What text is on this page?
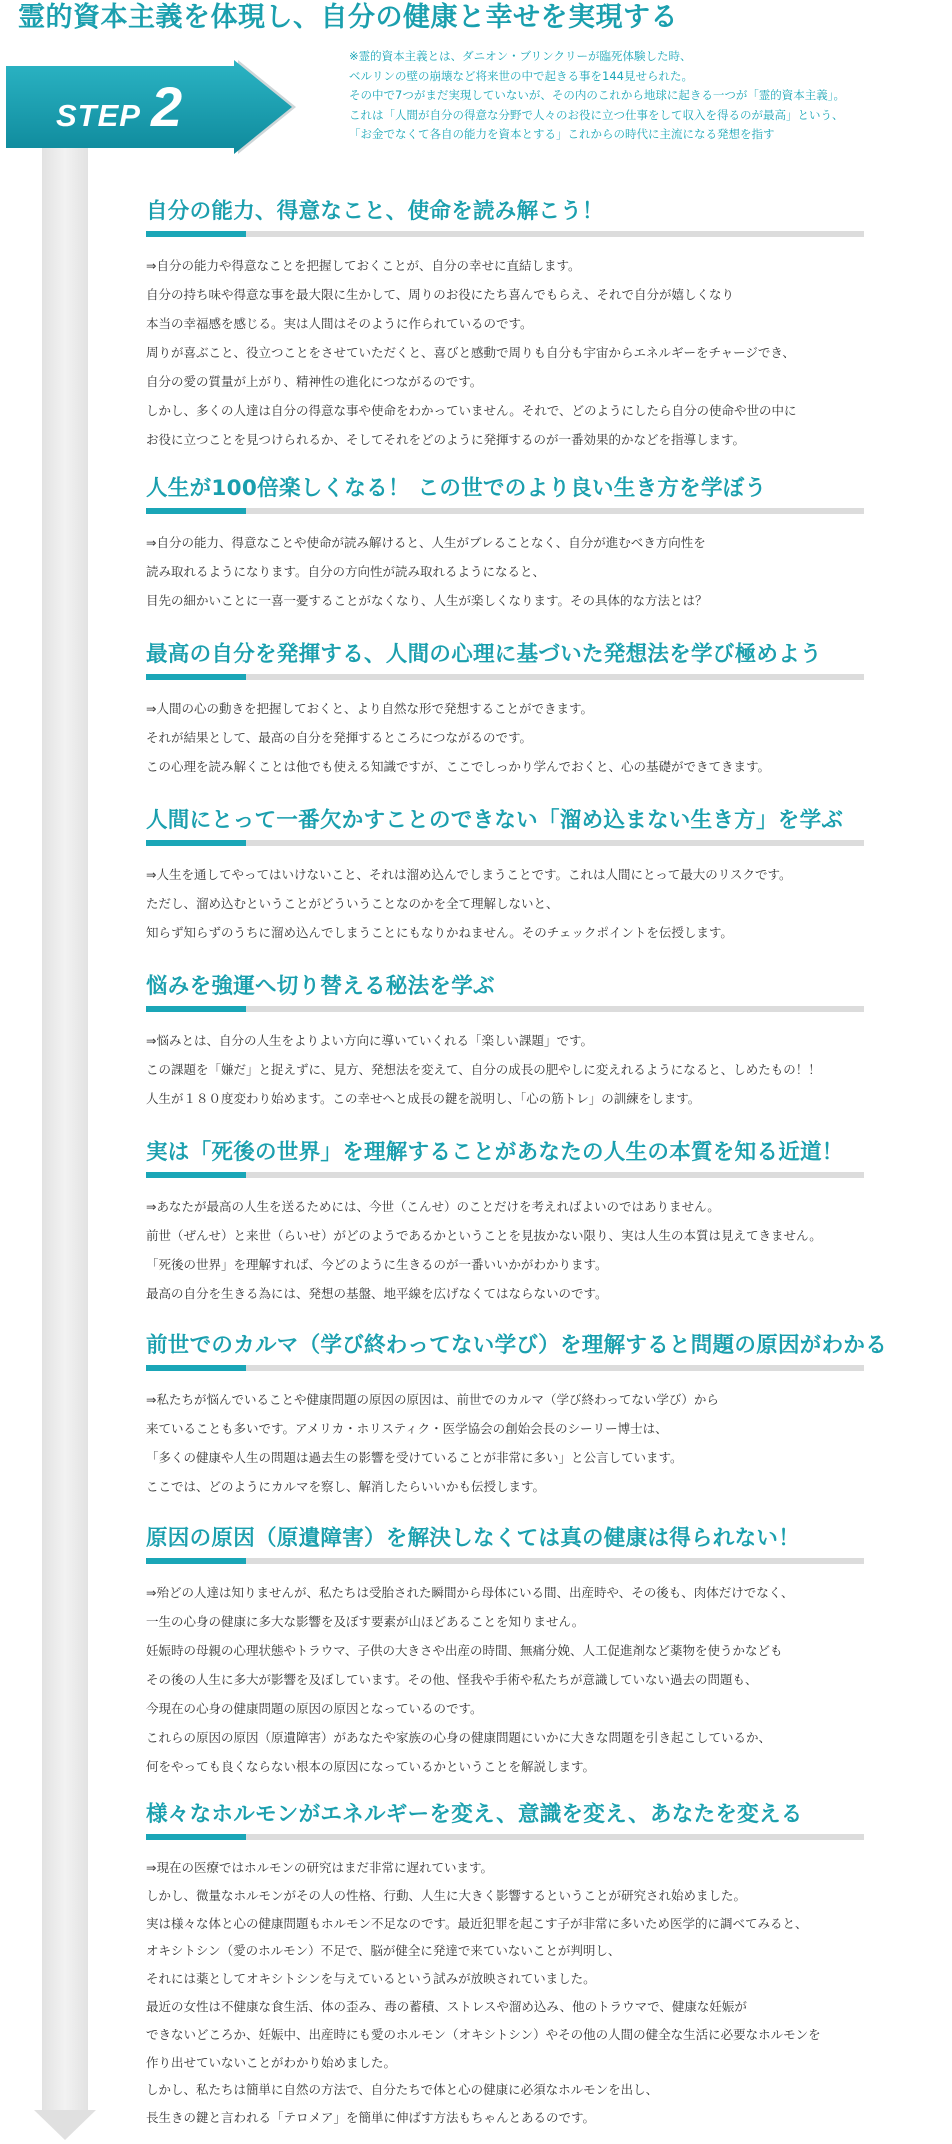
霊的資本主義を体現し、自分の健康と幸せを実現する
STEP 2
※霊的資本主義とは、ダニオン・ブリンクリーが臨死体験した時、
ベルリンの壁の崩壊など将来世の中で起きる事を144見せられた。
その中で7つがまだ実現していないが、その内のこれから地球に起きる一つが「霊的資本主義」。
これは「人間が自分の得意な分野で人々のお役に立つ仕事をして収入を得るのが最高」という、
「お金でなくて各自の能力を資本とする」これからの時代に主流になる発想を指す
自分の能力、得意なこと、使命を読み解こう！
⇒自分の能力や得意なことを把握しておくことが、自分の幸せに直結します。
自分の持ち味や得意な事を最大限に生かして、周りのお役にたち喜んでもらえ、それで自分が嬉しくなり
本当の幸福感を感じる。実は人間はそのように作られているのです。
周りが喜ぶこと、役立つことをさせていただくと、喜びと感動で周りも自分も宇宙からエネルギーをチャージでき、
自分の愛の質量が上がり、精神性の進化につながるのです。
しかし、多くの人達は自分の得意な事や使命をわかっていません。それで、どのようにしたら自分の使命や世の中に
お役に立つことを見つけられるか、そしてそれをどのように発揮するのが一番効果的かなどを指導します。
人生が100倍楽しくなる！ この世でのより良い生き方を学ぼう
⇒自分の能力、得意なことや使命が読み解けると、人生がブレることなく、自分が進むべき方向性を
読み取れるようになります。自分の方向性が読み取れるようになると、
目先の細かいことに一喜一憂することがなくなり、人生が楽しくなります。その具体的な方法とは？
最高の自分を発揮する、人間の心理に基づいた発想法を学び極めよう
⇒人間の心の動きを把握しておくと、より自然な形で発想することができます。
それが結果として、最高の自分を発揮するところにつながるのです。
この心理を読み解くことは他でも使える知識ですが、ここでしっかり学んでおくと、心の基礎ができてきます。
人間にとって一番欠かすことのできない「溜め込まない生き方」を学ぶ
⇒人生を通してやってはいけないこと、それは溜め込んでしまうことです。これは人間にとって最大のリスクです。
ただし、溜め込むということがどういうことなのかを全て理解しないと、
知らず知らずのうちに溜め込んでしまうことにもなりかねません。そのチェックポイントを伝授します。
悩みを強運へ切り替える秘法を学ぶ
⇒悩みとは、自分の人生をよりよい方向に導いていくれる「楽しい課題」です。
この課題を「嫌だ」と捉えずに、見方、発想法を変えて、自分の成長の肥やしに変えれるようになると、しめたもの！！
人生が１８０度変わり始めます。この幸せへと成長の鍵を説明し、「心の筋トレ」の訓練をします。
実は「死後の世界」を理解することがあなたの人生の本質を知る近道！
⇒あなたが最高の人生を送るためには、今世（こんせ）のことだけを考えればよいのではありません。
前世（ぜんせ）と来世（らいせ）がどのようであるかということを見抜かない限り、実は人生の本質は見えてきません。
「死後の世界」を理解すれば、今どのように生きるのが一番いいかがわかります。
最高の自分を生きる為には、発想の基盤、地平線を広げなくてはならないのです。
前世でのカルマ（学び終わってない学び）を理解すると問題の原因がわかる
⇒私たちが悩んでいることや健康問題の原因の原因は、前世でのカルマ（学び終わってない学び）から
来ていることも多いです。アメリカ・ホリスティク・医学協会の創始会長のシーリー博士は、
「多くの健康や人生の問題は過去生の影響を受けていることが非常に多い」と公言しています。
ここでは、どのようにカルマを察し、解消したらいいかも伝授します。
原因の原因（原遺障害）を解決しなくては真の健康は得られない！
⇒殆どの人達は知りませんが、私たちは受胎された瞬間から母体にいる間、出産時や、その後も、肉体だけでなく、
一生の心身の健康に多大な影響を及ぼす要素が山ほどあることを知りません。
妊娠時の母親の心理状態やトラウマ、子供の大きさや出産の時間、無痛分娩、人工促進剤など薬物を使うかなども
その後の人生に多大が影響を及ぼしています。その他、怪我や手術や私たちが意識していない過去の問題も、
今現在の心身の健康問題の原因の原因となっているのです。
これらの原因の原因（原遺障害）があなたや家族の心身の健康問題にいかに大きな問題を引き起こしているか、
何をやっても良くならない根本の原因になっているかということを解説します。
様々なホルモンがエネルギーを変え、意識を変え、あなたを変える
⇒現在の医療ではホルモンの研究はまだ非常に遅れています。
しかし、微量なホルモンがその人の性格、行動、人生に大きく影響するということが研究され始めました。
実は様々な体と心の健康問題もホルモン不足なのです。最近犯罪を起こす子が非常に多いため医学的に調べてみると、
オキシトシン（愛のホルモン）不足で、脳が健全に発達で来ていないことが判明し、
それには薬としてオキシトシンを与えているという試みが放映されていました。
最近の女性は不健康な食生活、体の歪み、毒の蓄積、ストレスや溜め込み、他のトラウマで、健康な妊娠が
できないどころか、妊娠中、出産時にも愛のホルモン（オキシトシン）やその他の人間の健全な生活に必要なホルモンを
作り出せていないことがわかり始めました。
しかし、私たちは簡単に自然の方法で、自分たちで体と心の健康に必須なホルモンを出し、
長生きの鍵と言われる「テロメア」を簡単に伸ばす方法もちゃんとあるのです。
